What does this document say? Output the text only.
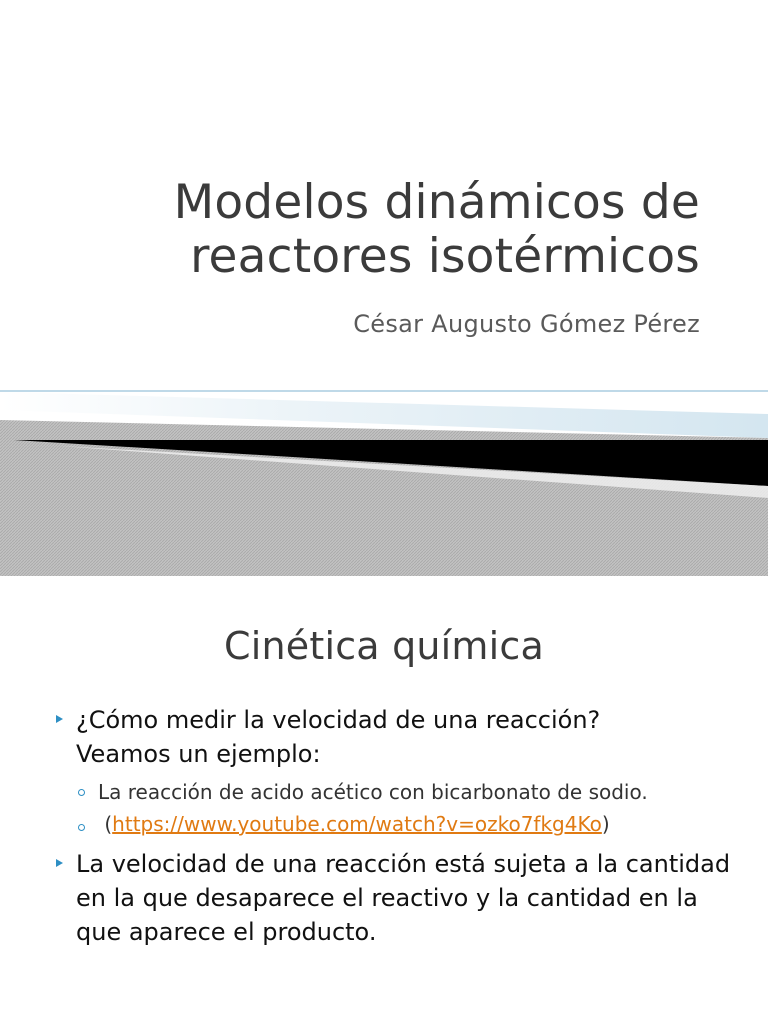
Modelos dinámicos de
reactores isotérmicos
César Augusto Gómez Pérez
Cinética química
¿Cómo medir la velocidad de una reacción?
Veamos un ejemplo:
La reacción de acido acético con bicarbonato de sodio.
(https://www.youtube.com/watch?v=ozko7fkg4Ko)
La velocidad de una reacción está sujeta a la cantidad en la que desaparece el reactivo y la cantidad en la que aparece el producto.
